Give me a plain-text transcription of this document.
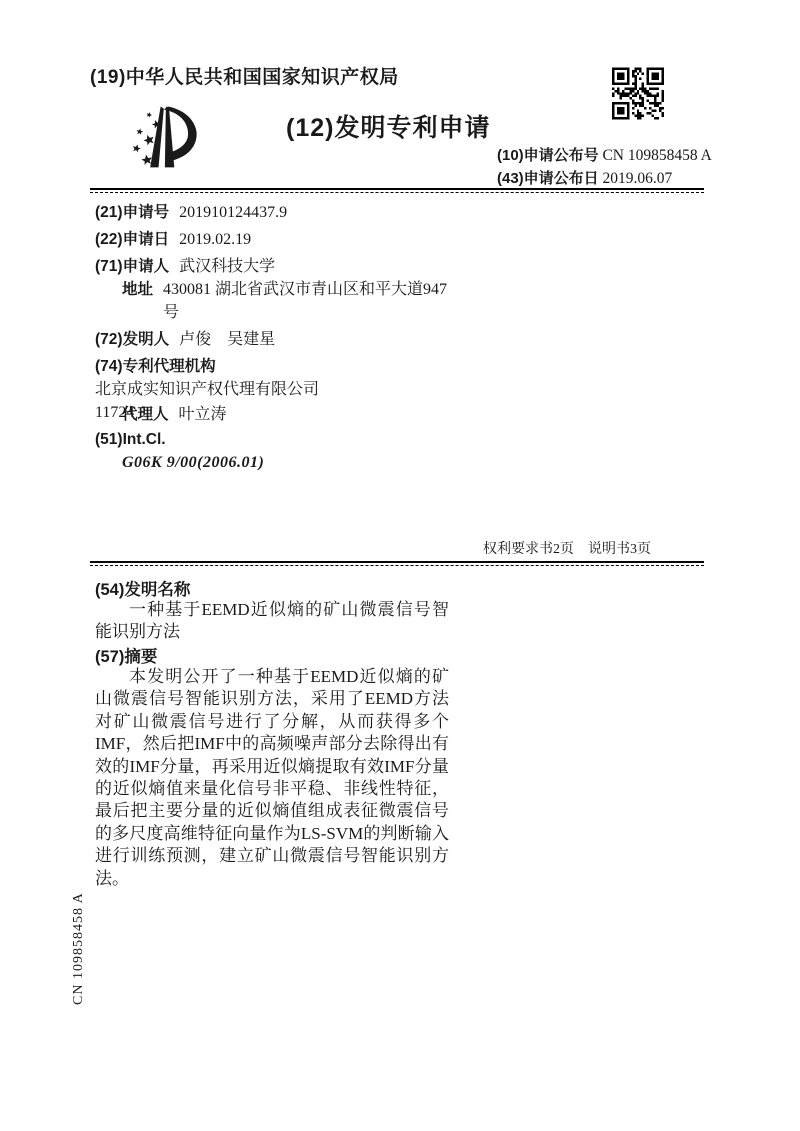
(19)中华人民共和国国家知识产权局
(12)发明专利申请
(10)申请公布号 CN 109858458 A
(43)申请公布日 2019.06.07
(21)申请号 201910124437.9
(22)申请日 2019.02.19
(71)申请人 武汉科技大学
地址 430081 湖北省武汉市青山区和平大道947号
(72)发明人 卢俊　吴建星
(74)专利代理机构 北京成实知识产权代理有限公司 11724
代理人 叶立涛
(51)Int.Cl.
G06K 9/00(2006.01)
权利要求书2页　说明书3页
(54)发明名称
一种基于EEMD近似熵的矿山微震信号智能识别方法
(57)摘要
本发明公开了一种基于EEMD近似熵的矿山微震信号智能识别方法，采用了EEMD方法对矿山微震信号进行了分解，从而获得多个IMF，然后把IMF中的高频噪声部分去除得出有效的IMF分量，再采用近似熵提取有效IMF分量的近似熵值来量化信号非平稳、非线性特征，最后把主要分量的近似熵值组成表征微震信号的多尺度高维特征向量作为LS-SVM的判断输入进行训练预测，建立矿山微震信号智能识别方法。
CN 109858458 A
